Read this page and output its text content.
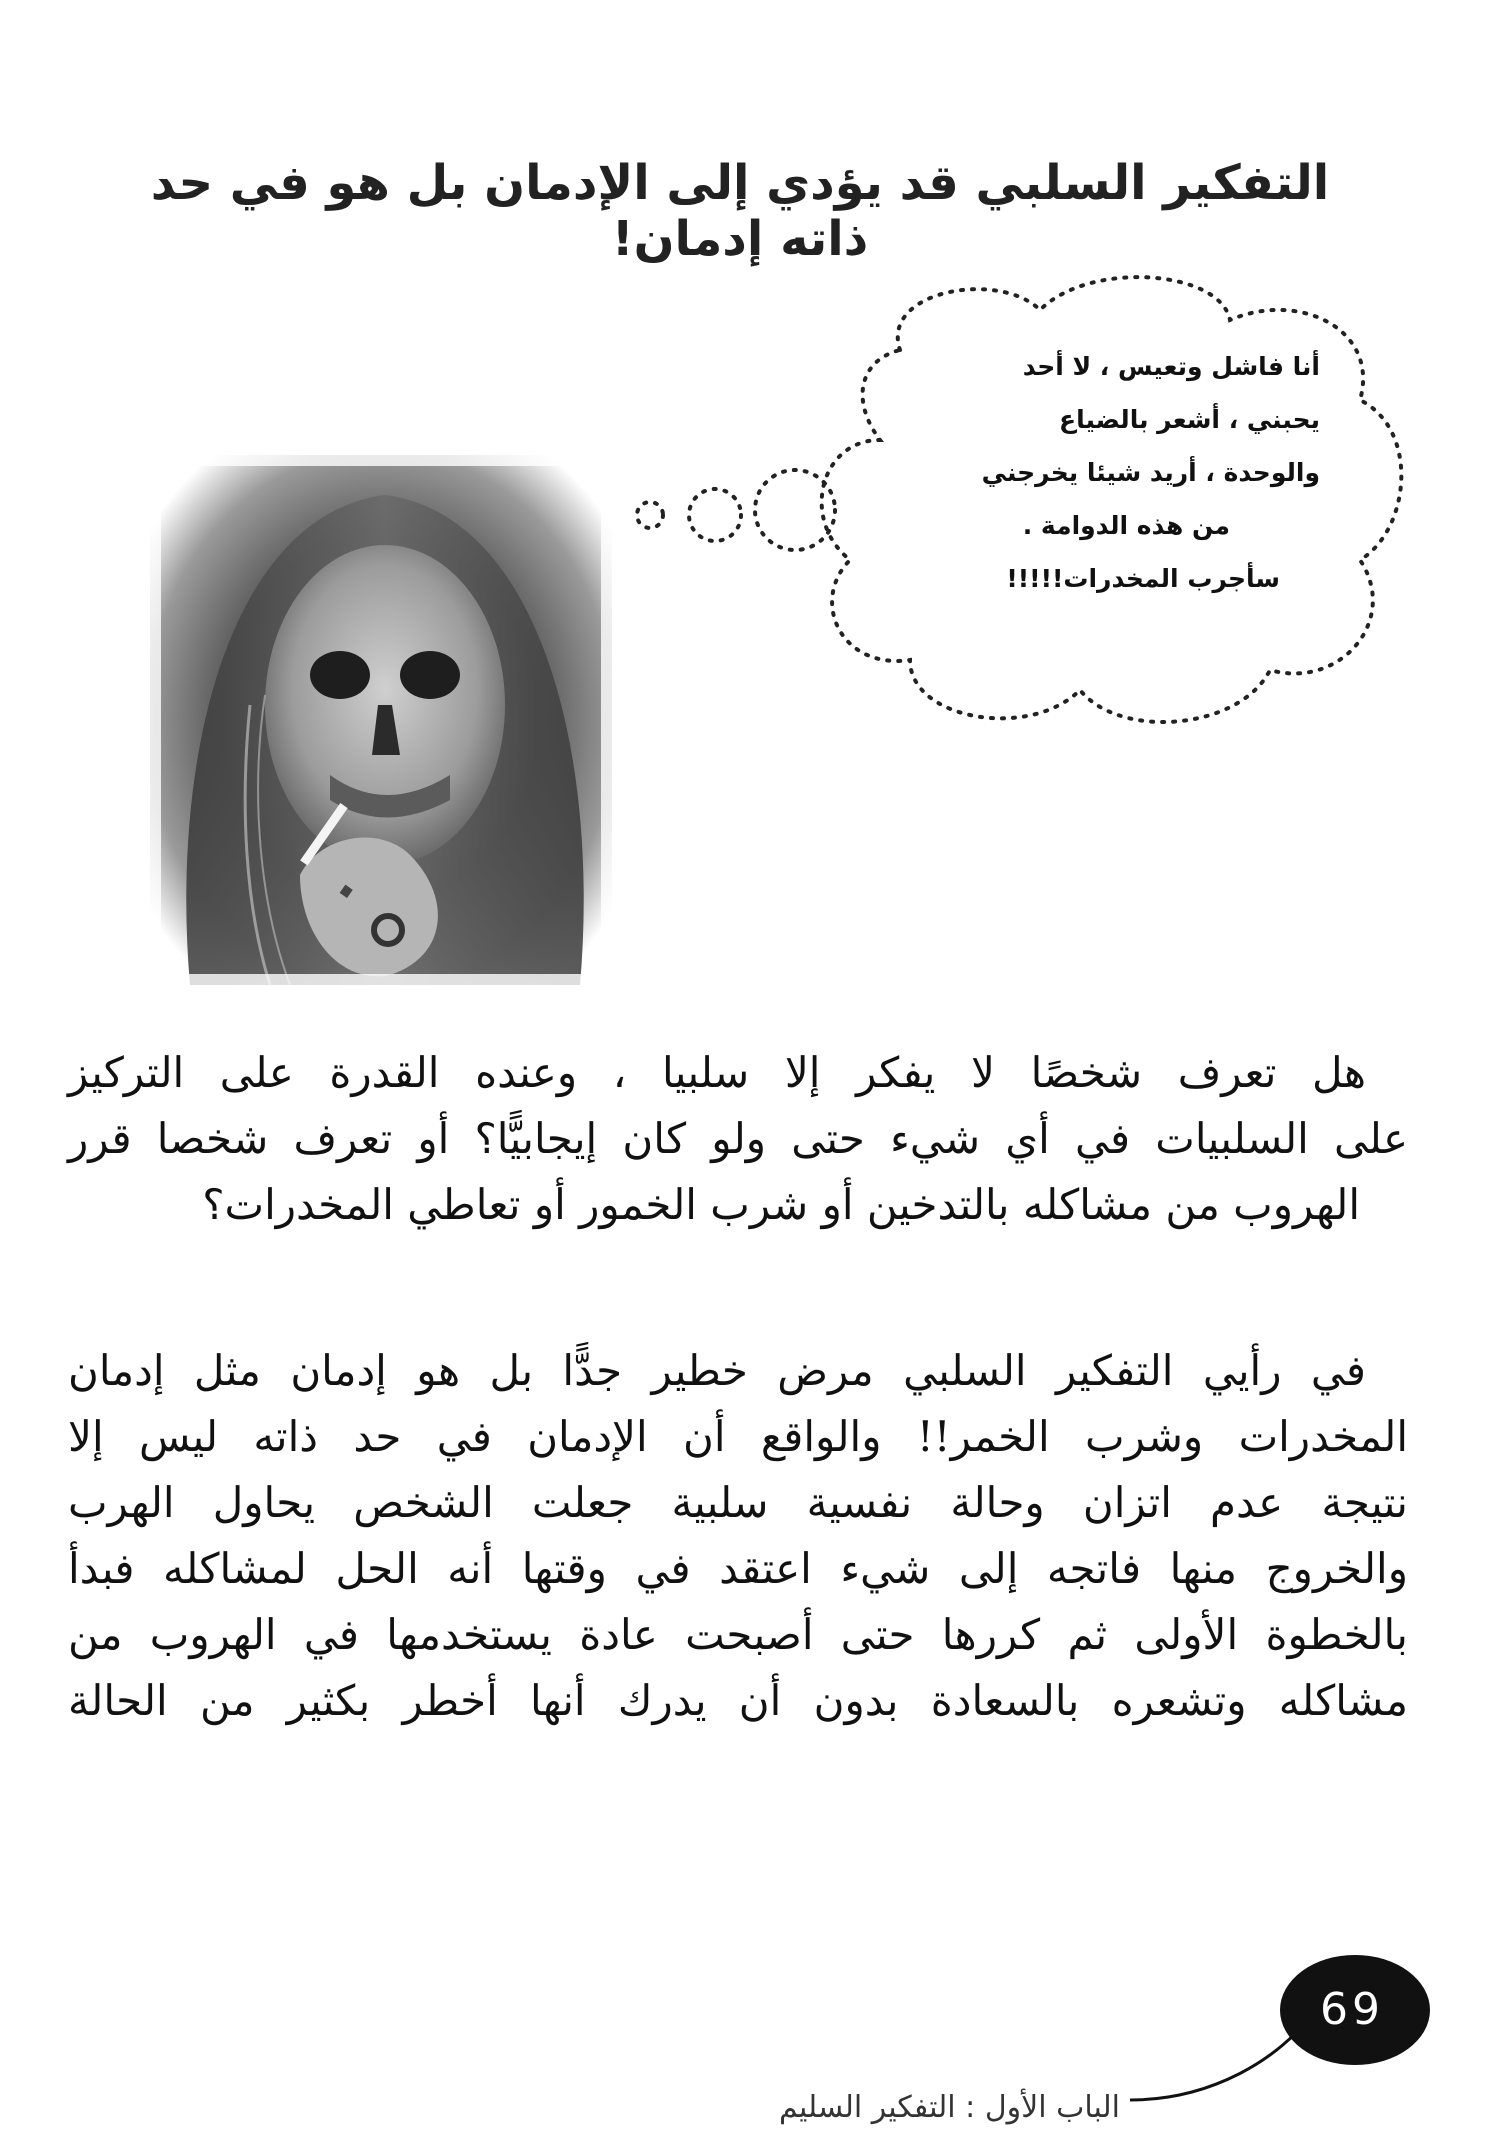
التفكير السلبي قد يؤدي إلى الإدمان بل هو في حد ذاته إدمان!
أنا فاشل وتعيس ، لا أحد
يحبني ، أشعر بالضياع
والوحدة ، أريد شيئا يخرجني
من هذه الدوامة .
سأجرب المخدرات!!!!!
هل تعرف شخصًا لا يفكر إلا سلبيا ، وعنده القدرة على التركيز
على السلبيات في أي شيء حتى ولو كان إيجابيًّا؟ أو تعرف شخصا قرر
الهروب من مشاكله بالتدخين أو شرب الخمور أو تعاطي المخدرات؟
في رأيي التفكير السلبي مرض خطير جدًّا بل هو إدمان مثل إدمان
المخدرات وشرب الخمر!! والواقع أن الإدمان في حد ذاته ليس إلا
نتيجة عدم اتزان وحالة نفسية سلبية جعلت الشخص يحاول الهرب
والخروج منها فاتجه إلى شيء اعتقد في وقتها أنه الحل لمشاكله فبدأ
بالخطوة الأولى ثم كررها حتى أصبحت عادة يستخدمها في الهروب من
مشاكله وتشعره بالسعادة بدون أن يدرك أنها أخطر بكثير من الحالة
69
الباب الأول : التفكير السليم
